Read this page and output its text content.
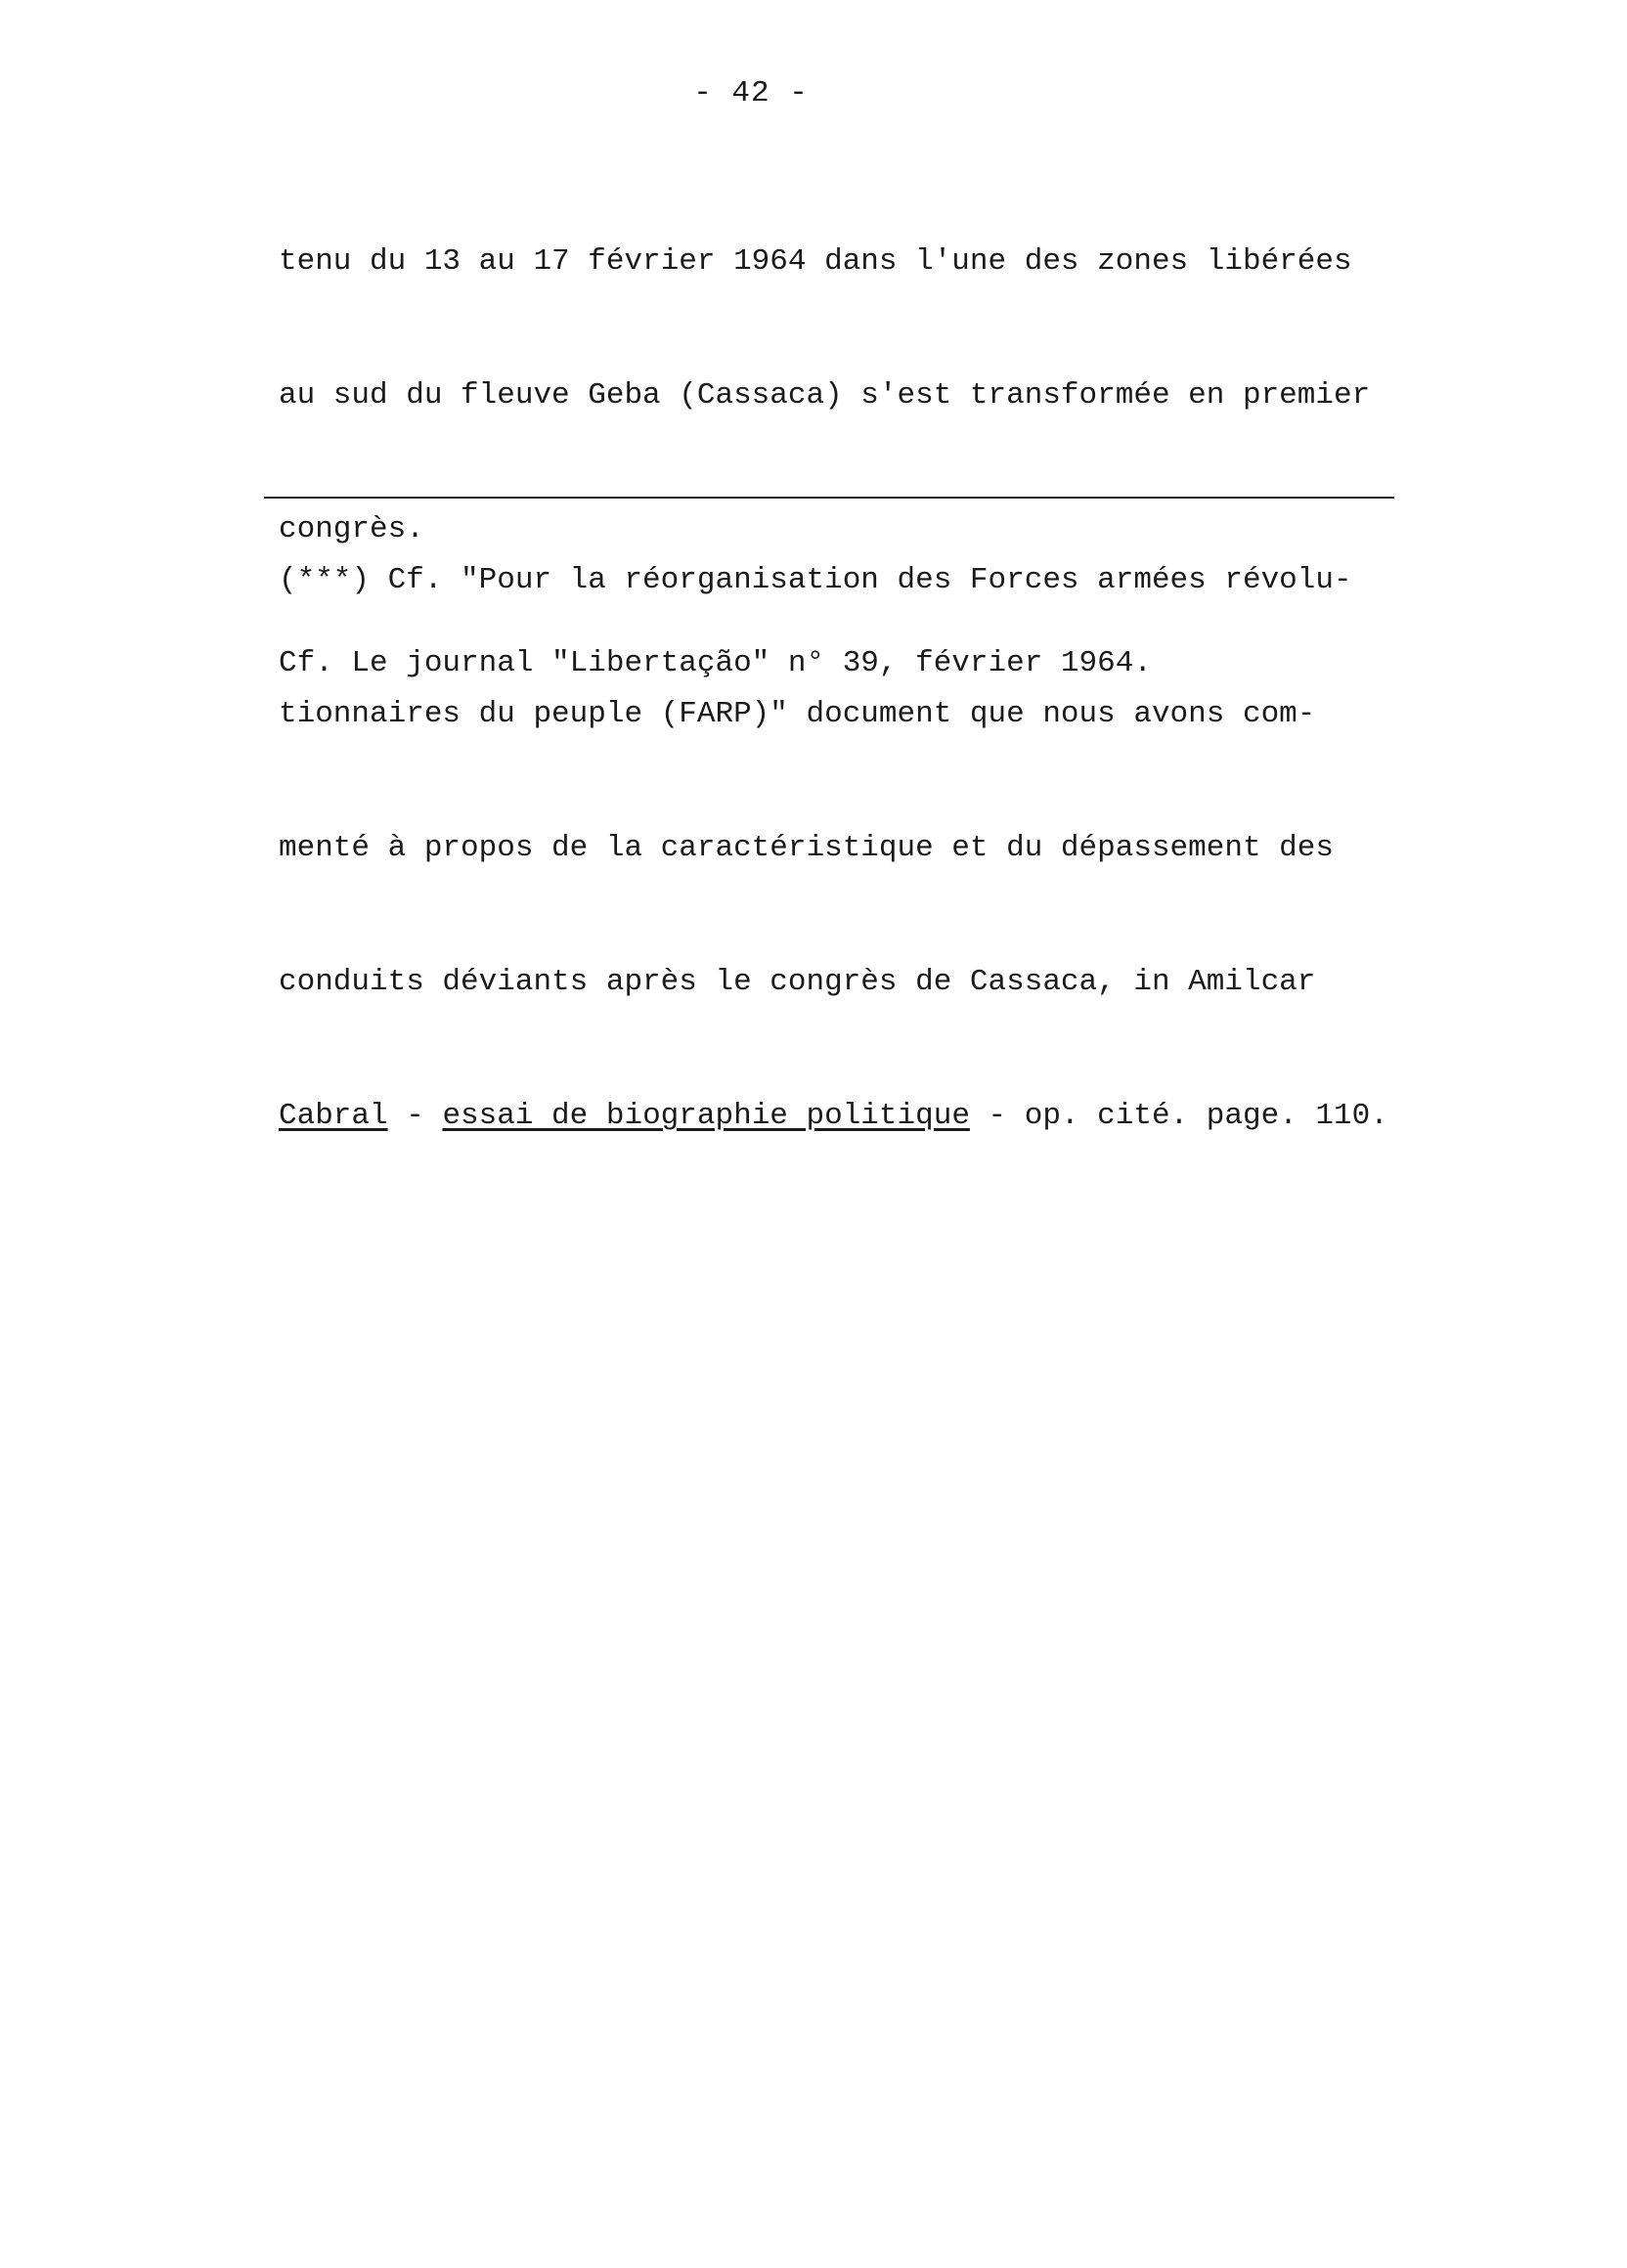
- 42 -

tenu du 13 au 17 février 1964 dans l'une des zones libérées

au sud du fleuve Geba (Cassaca) s'est transformée en premier

congrès.

Cf. Le journal "Libertação" n° 39, février 1964.

(***) Cf. "Pour la réorganisation des Forces armées révolu-

tionnaires du peuple (FARP)" document que nous avons com-

menté à propos de la caractéristique et du dépassement des

conduits déviants après le congrès de Cassaca, in Amilcar

Cabral - essai de biographie politique - op. cité. page. 110.
